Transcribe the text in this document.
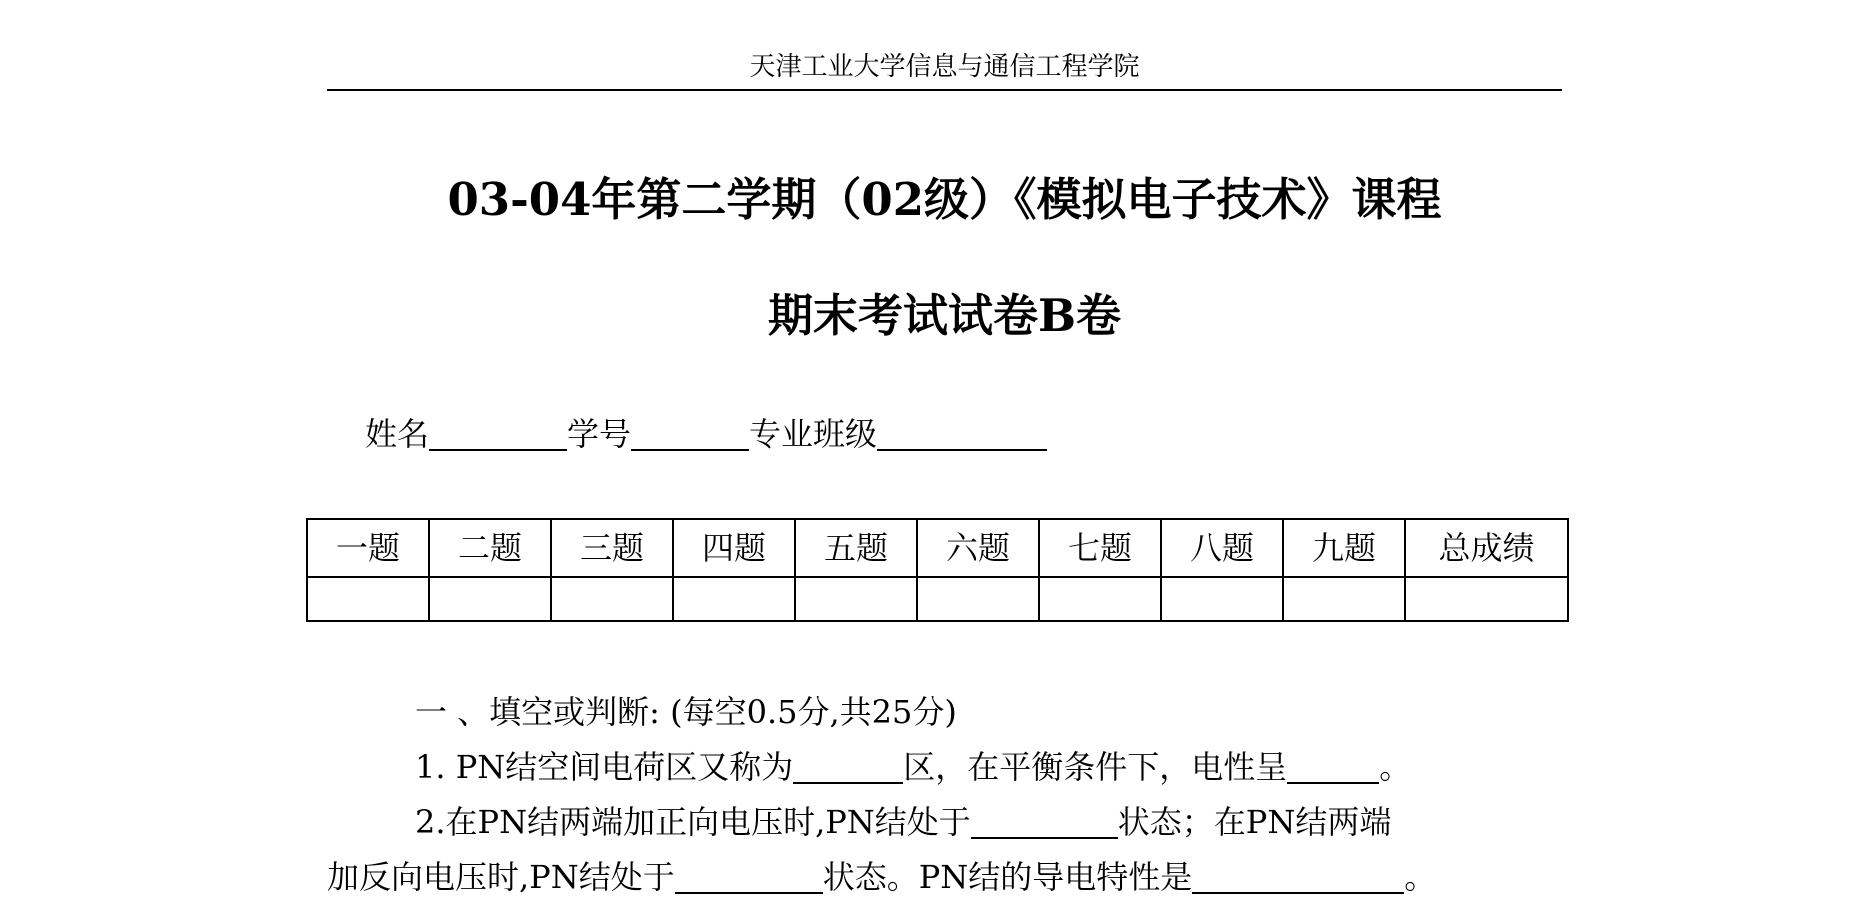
天津工业大学信息与通信工程学院
03-04年第二学期（02级）《模拟电子技术》课程
期末考试试卷B卷
姓名	学号	专业班级
一题	二题	三题	四题	五题	六题	七题	八题	九题	总成绩

一 、填空或判断: (每空0.5分,共25分)
1. PN结空间电荷区又称为	区，在平衡条件下，电性呈	。
2.在PN结两端加正向电压时,PN结处于	状态；在PN结两端
加反向电压时,PN结处于	状态。PN结的导电特性是	。
